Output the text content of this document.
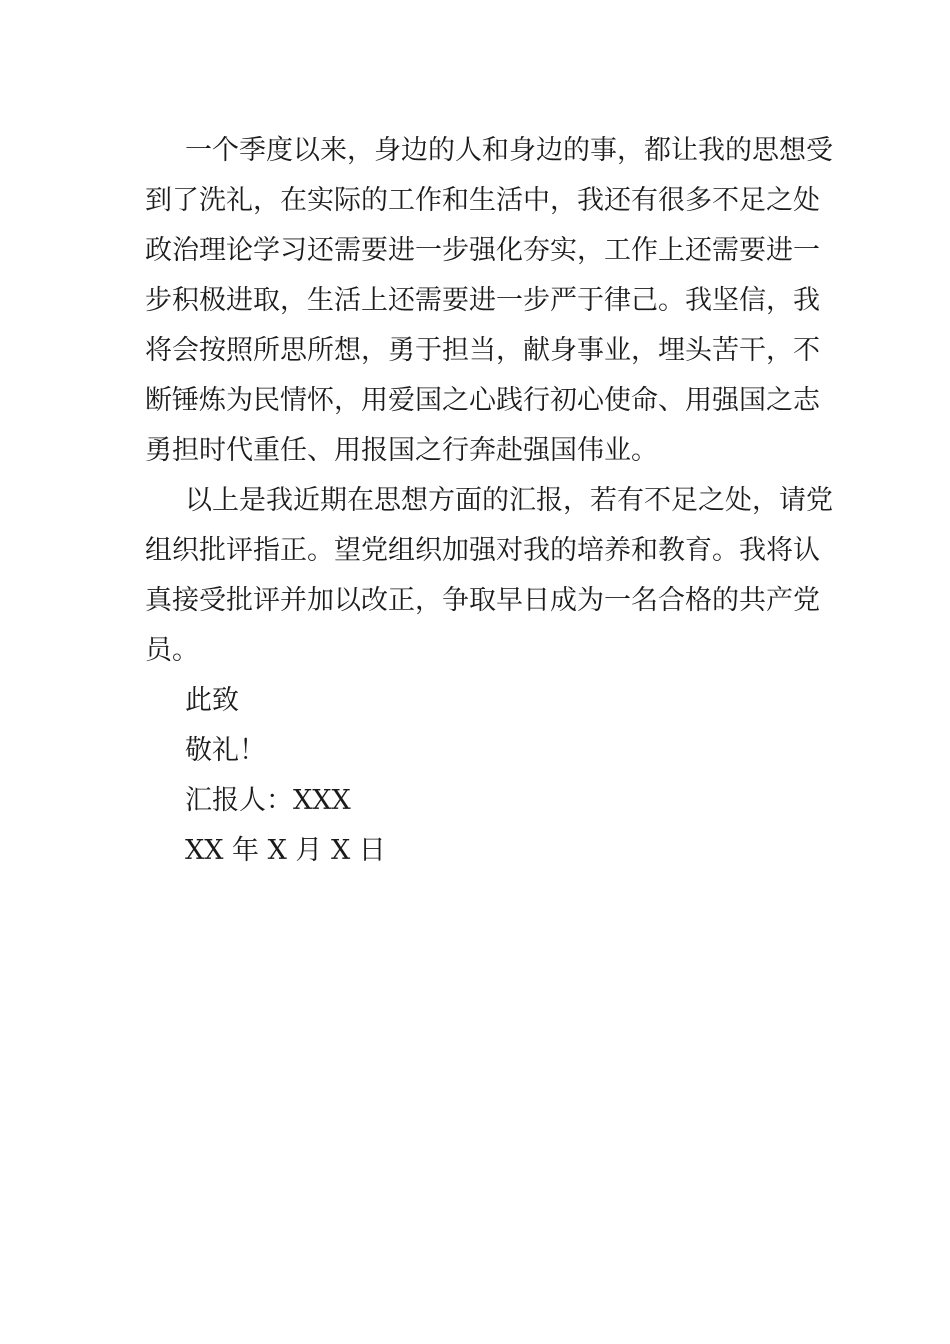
一个季度以来，身边的人和身边的事，都让我的思想受
到了洗礼，在实际的工作和生活中，我还有很多不足之处
政治理论学习还需要进一步强化夯实，工作上还需要进一
步积极进取，生活上还需要进一步严于律己。我坚信，我
将会按照所思所想，勇于担当，献身事业，埋头苦干，不
断锤炼为民情怀，用爱国之心践行初心使命、用强国之志
勇担时代重任、用报国之行奔赴强国伟业。
以上是我近期在思想方面的汇报，若有不足之处，请党
组织批评指正。望党组织加强对我的培养和教育。我将认
真接受批评并加以改正，争取早日成为一名合格的共产党
员。
此致
敬礼！
汇报人：XXX
XX 年 X 月 X 日
